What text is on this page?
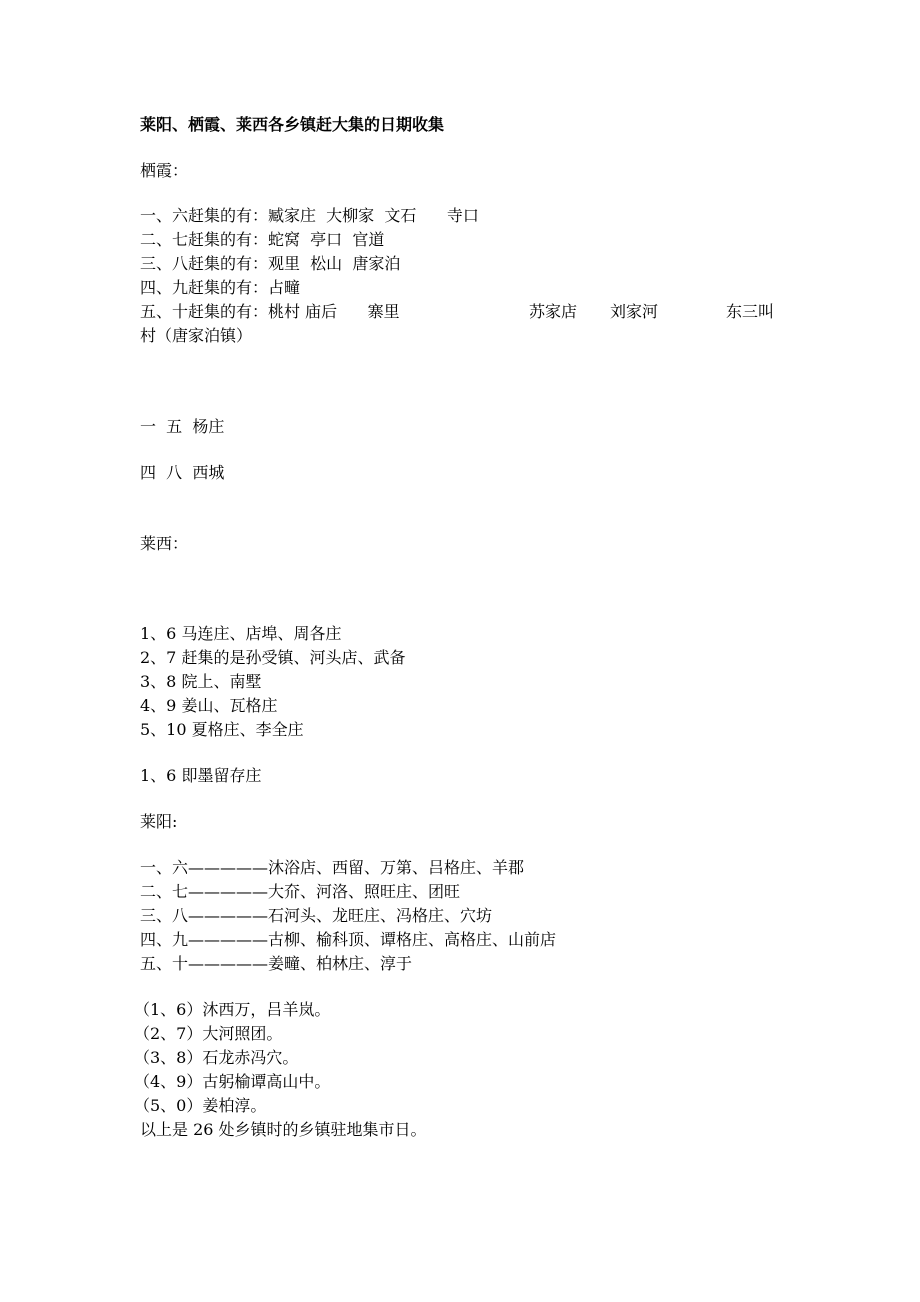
莱阳、栖霞、莱西各乡镇赶大集的日期收集
栖霞：
一、六赶集的有：臧家庄  大柳家  文石      寺口
二、七赶集的有：蛇窝  亭口  官道
三、八赶集的有：观里  松山  唐家泊
四、九赶集的有：占疃
五、十赶集的有：桃村 庙后      寨里	苏家店 刘家河	东三叫
村（唐家泊镇）
一  五  杨庄
四  八  西城
莱西：
1、6 马连庄、店埠、周各庄
2、7 赶集的是孙受镇、河头店、武备
3、8 院上、南墅
4、9 姜山、瓦格庄
5、10 夏格庄、李全庄
1、6 即墨留存庄
莱阳:
一、六—————沐浴店、西留、万第、吕格庄、羊郡
二、七—————大夼、河洛、照旺庄、团旺
三、八—————石河头、龙旺庄、冯格庄、穴坊
四、九—————古柳、榆科顶、谭格庄、高格庄、山前店
五、十—————姜疃、柏林庄、淳于
（1、6）沐西万，吕羊岚。
（2、7）大河照团。
（3、8）石龙赤冯穴。
（4、9）古躬榆谭高山中。
（5、0）姜柏淳。
以上是 26 处乡镇时的乡镇驻地集市日。
